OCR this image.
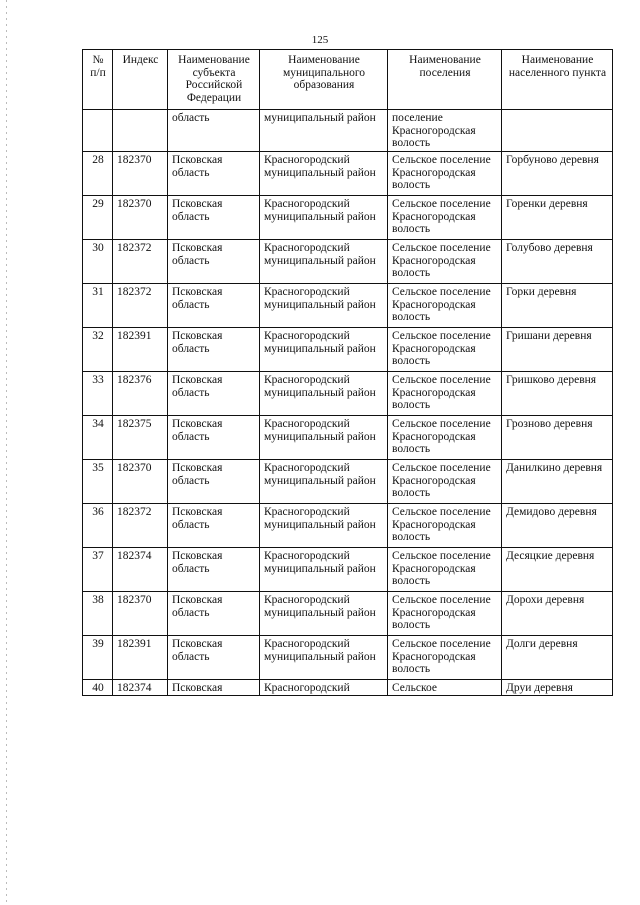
125
№ п/п	Индекс	Наименование субъекта Российской Федерации	Наименование муниципального образования	Наименование поселения	Наименование населенного пункта
		область	муниципальный район	поселение Красногородская волость	
28	182370	Псковская область	Красногородский муниципальный район	Сельское поселение Красногородская волость	Горбуново деревня
29	182370	Псковская область	Красногородский муниципальный район	Сельское поселение Красногородская волость	Горенки деревня
30	182372	Псковская область	Красногородский муниципальный район	Сельское поселение Красногородская волость	Голубово деревня
31	182372	Псковская область	Красногородский муниципальный район	Сельское поселение Красногородская волость	Горки деревня
32	182391	Псковская область	Красногородский муниципальный район	Сельское поселение Красногородская волость	Гришани деревня
33	182376	Псковская область	Красногородский муниципальный район	Сельское поселение Красногородская волость	Гришково деревня
34	182375	Псковская область	Красногородский муниципальный район	Сельское поселение Красногородская волость	Грозново деревня
35	182370	Псковская область	Красногородский муниципальный район	Сельское поселение Красногородская волость	Данилкино деревня
36	182372	Псковская область	Красногородский муниципальный район	Сельское поселение Красногородская волость	Демидово деревня
37	182374	Псковская область	Красногородский муниципальный район	Сельское поселение Красногородская волость	Десяцкие деревня
38	182370	Псковская область	Красногородский муниципальный район	Сельское поселение Красногородская волость	Дорохи деревня
39	182391	Псковская область	Красногородский муниципальный район	Сельское поселение Красногородская волость	Долги деревня
40	182374	Псковская	Красногородский	Сельское	Друи деревня
